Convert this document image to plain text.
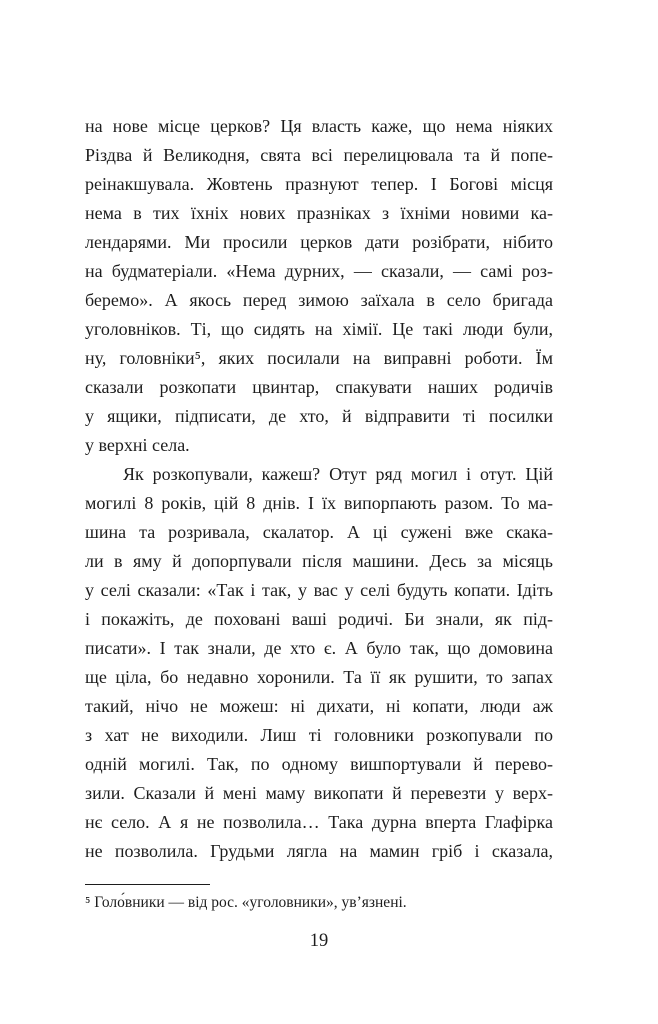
на нове місце церков? Ця власть каже, що нема ніяких
Різдва й Великодня, свята всі перелицювала та й попе-
реінакшувала. Жовтень празнуют тепер. І Богові місця
нема в тих їхніх нових празніках з їхніми новими ка-
лендарями. Ми просили церков дати розібрати, нібито
на будматеріали. «Нема дурних, — сказали, — самі роз-
беремо». А якось перед зимою заїхала в село бригада
уголовніков. Ті, що сидять на хімії. Це такі люди були,
ну, головніки⁵, яких посилали на виправні роботи. Їм
сказали розкопати цвинтар, спакувати наших родичів
у ящики, підписати, де хто, й відправити ті посилки
у верхні села.
Як розкопували, кажеш? Отут ряд могил і отут. Цій
могилі 8 років, цій 8 днів. І їх випорпають разом. То ма-
шина та розривала, скалатор. А ці сужені вже скака-
ли в яму й допорпували після машини. Десь за місяць
у селі сказали: «Так і так, у вас у селі будуть копати. Ідіть
і покажіть, де поховані ваші родичі. Би знали, як під-
писати». І так знали, де хто є. А було так, що домовина
ще ціла, бо недавно хоронили. Та її як рушити, то запах
такий, нічо не можеш: ні дихати, ні копати, люди аж
з хат не виходили. Лиш ті головники розкопували по
одній могилі. Так, по одному вишпортували й перево-
зили. Сказали й мені маму викопати й перевезти у верх-
нє село. А я не позволила… Така дурна вперта Глафірка
не позволила. Грудьми лягла на мамин гріб і сказала,
⁵ Голо́вники — від рос. «уголовники», ув’язнені.
19
